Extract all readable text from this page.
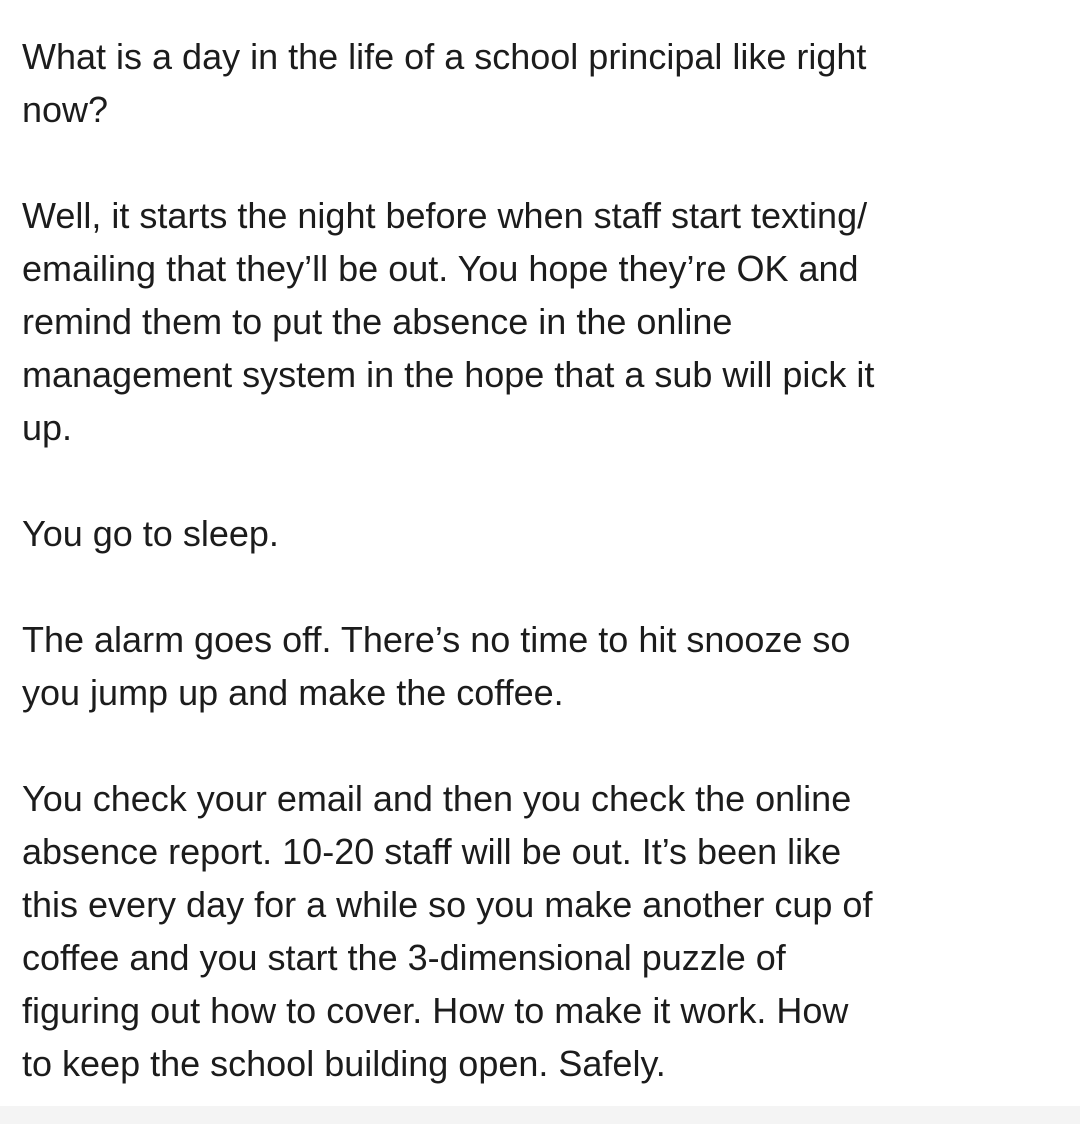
What is a day in the life of a school principal like right
now?

Well, it starts the night before when staff start texting/
emailing that they’ll be out. You hope they’re OK and
remind them to put the absence in the online
management system in the hope that a sub will pick it
up.

You go to sleep.

The alarm goes off. There’s no time to hit snooze so
you jump up and make the coffee.

You check your email and then you check the online
absence report. 10-20 staff will be out. It’s been like
this every day for a while so you make another cup of
coffee and you start the 3-dimensional puzzle of
figuring out how to cover. How to make it work. How
to keep the school building open. Safely.
